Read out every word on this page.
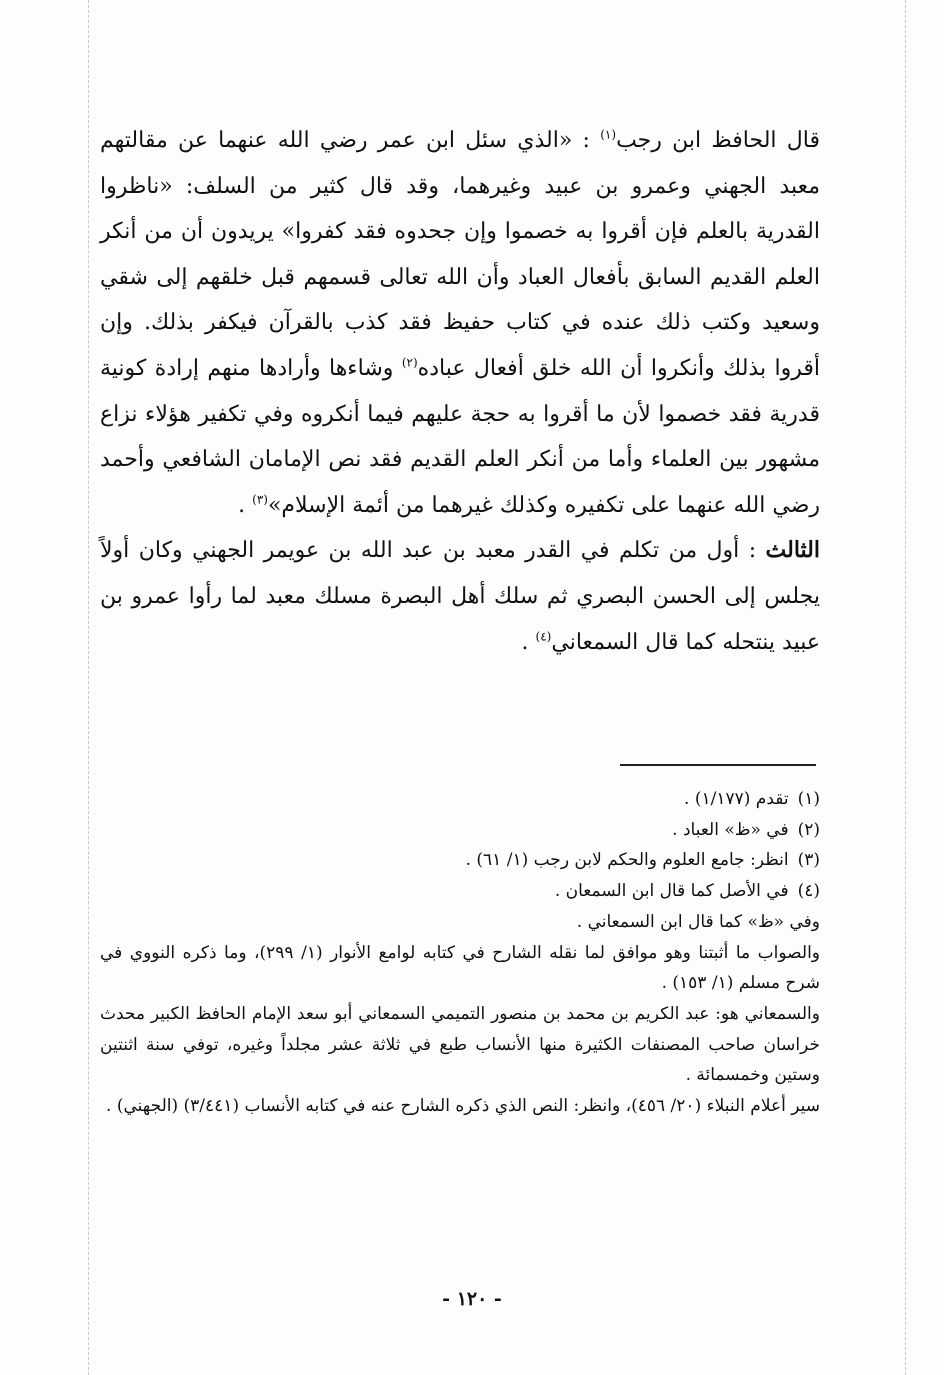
قال الحافظ ابن رجب$^{(١)}$ : «الذي سئل ابن عمر رضي الله عنهما عن مقالتهم معبد الجهني وعمرو بن عبيد وغيرهما، وقد قال كثير من السلف: «ناظروا القدرية بالعلم فإن أقروا به خصموا وإن جحدوه فقد كفروا» يريدون أن من أنكر العلم القديم السابق بأفعال العباد وأن الله تعالى قسمهم قبل خلقهم إلى شقي وسعيد وكتب ذلك عنده في كتاب حفيظ فقد كذب بالقرآن فيكفر بذلك. وإن أقروا بذلك وأنكروا أن الله خلق أفعال عباده$^{(٢)}$ وشاءها وأرادها منهم إرادة كونية قدرية فقد خصموا لأن ما أقروا به حجة عليهم فيما أنكروه وفي تكفير هؤلاء نزاع مشهور بين العلماء وأما من أنكر العلم القديم فقد نص الإمامان الشافعي وأحمد رضي الله عنهما على تكفيره وكذلك غيرهما من أئمة الإسلام»$^{(٣)}$ .

الثالث : أول من تكلم في القدر معبد بن عبد الله بن عويمر الجهني وكان أولاً يجلس إلى الحسن البصري ثم سلك أهل البصرة مسلك معبد لما رأوا عمرو بن عبيد ينتحله كما قال السمعاني$^{(٤)}$ .

(١) تقدم (١/١٧٧) .

(٢) في «ظ» العباد .

(٣) انظر: جامع العلوم والحكم لابن رجب (١/ ٦١) .

(٤) في الأصل كما قال ابن السمعان .

وفي «ظ» كما قال ابن السمعاني .

والصواب ما أثبتنا وهو موافق لما نقله الشارح في كتابه لوامع الأنوار (١/ ٢٩٩)، وما ذكره النووي في شرح مسلم (١/ ١٥٣) .

والسمعاني هو: عبد الكريم بن محمد بن منصور التميمي السمعاني أبو سعد الإمام الحافظ الكبير محدث خراسان صاحب المصنفات الكثيرة منها الأنساب طبع في ثلاثة عشر مجلداً وغيره، توفي سنة اثنتين وستين وخمسمائة .

سير أعلام النبلاء (٢٠/ ٤٥٦)، وانظر: النص الذي ذكره الشارح عنه في كتابه الأنساب (٣/٤٤١) (الجهني) .

- ١٢٠ -
